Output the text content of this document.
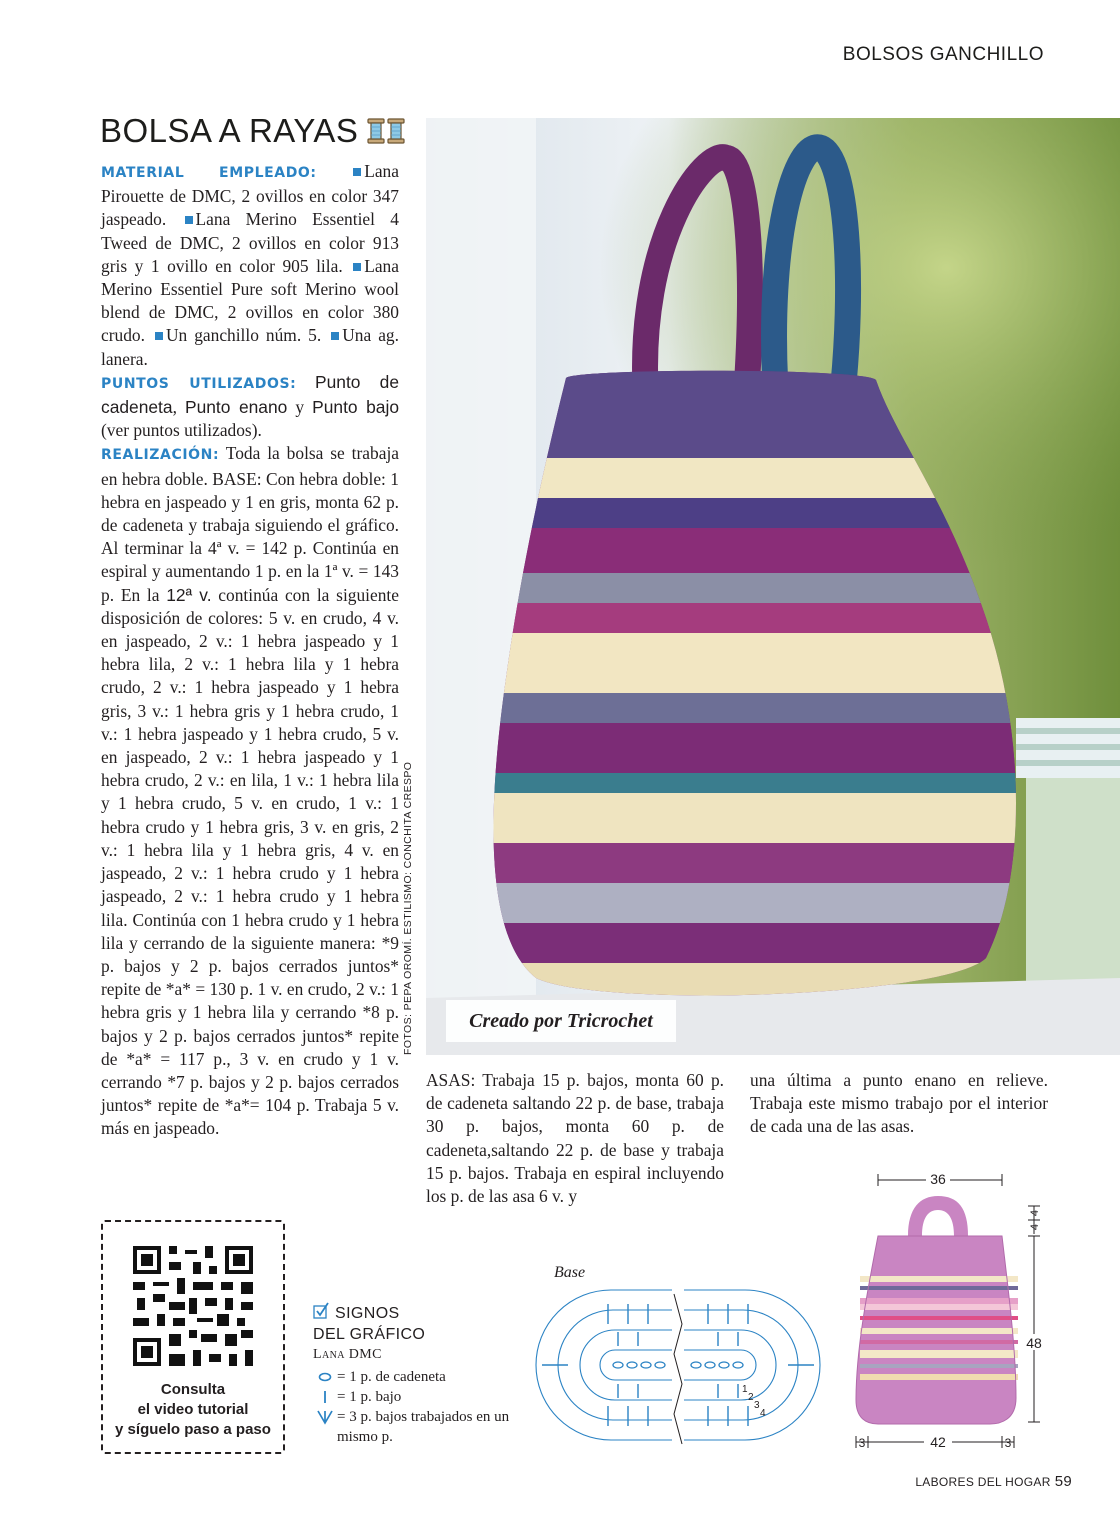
BOLSOS GANCHILLO
BOLSA A RAYAS
MATERIAL EMPLEADO:	Lana Pirouette de DMC, 2 ovillos en color 347 jaspeado. Lana Merino Essentiel 4 Tweed de DMC, 2 ovillos en color 913 gris y 1 ovillo en color 905 lila. Lana Merino Essentiel Pure soft Merino wool blend de DMC, 2 ovillos en color 380 crudo. Un ganchillo núm. 5. Una ag. lanera.
PUNTOS UTILIZADOS: Punto de cadeneta, Punto enano y Punto bajo (ver puntos utilizados).
REALIZACIÓN: Toda la bolsa se trabaja en hebra doble. BASE: Con hebra doble: 1 hebra en jaspeado y 1 en gris, monta 62 p. de cadeneta y trabaja siguiendo el gráfico. Al terminar la 4ª v. = 142 p. Continúa en espiral y aumentando 1 p. en la 1ª v. = 143 p. En la 12ª v. continúa con la siguiente disposición de colores: 5 v. en crudo, 4 v. en jaspeado, 2 v.: 1 hebra jaspeado y 1 hebra lila, 2 v.: 1 hebra lila y 1 hebra crudo, 2 v.: 1 hebra jaspeado y 1 hebra gris, 3 v.: 1 hebra gris y 1 hebra crudo, 1 v.: 1 hebra jaspeado y 1 hebra crudo, 5 v. en jaspeado, 2 v.: 1 hebra jaspeado y 1 hebra crudo, 2 v.: en lila, 1 v.: 1 hebra lila y 1 hebra crudo, 5 v. en crudo, 1 v.: 1 hebra crudo y 1 hebra gris, 3 v. en gris, 2 v.: 1 hebra lila y 1 hebra gris, 4 v. en jaspeado, 2 v.: 1 hebra crudo y 1 hebra jaspeado, 2 v.: 1 hebra crudo y 1 hebra lila. Continúa con 1 hebra crudo y 1 hebra lila y cerrando de la siguiente manera: *9 p. bajos y 2 p. bajos cerrados juntos* repite de *a* = 130 p. 1 v. en crudo, 2 v.: 1 hebra gris y 1 hebra lila y cerrando *8 p. bajos y 2 p. bajos cerrados juntos* repite de *a* = 117 p., 3 v. en crudo y 1 v. cerrando *7 p. bajos y 2 p. bajos cerrados juntos* repite de *a*= 104 p. Trabaja 5 v. más en jaspeado.
Creado por Tricrochet
FOTOS: PEPA OROMÍ. ESTILISMO: CONCHITA CRESPO
ASAS: Trabaja 15 p. bajos, monta 60 p. de cadeneta saltando 22 p. de base, trabaja 30 p. bajos, monta 60 p. de cadeneta,saltando 22 p. de base y trabaja 15 p. bajos. Trabaja en espiral incluyendo los p. de las asa 6 v. y
una última a punto enano en relieve. Trabaja este mismo trabajo por el interior de cada una de las asas.
Consulta
el video tutorial
y síguelo paso a paso
SIGNOS
DEL GRÁFICO
Lana DMC
= 1 p. de cadeneta
= 1 p. bajo
= 3 p. bajos trabajados en un mismo p.
Base
1
2
3
4
36
42
3	3
48
4
4
LABORES DEL HOGAR 59
